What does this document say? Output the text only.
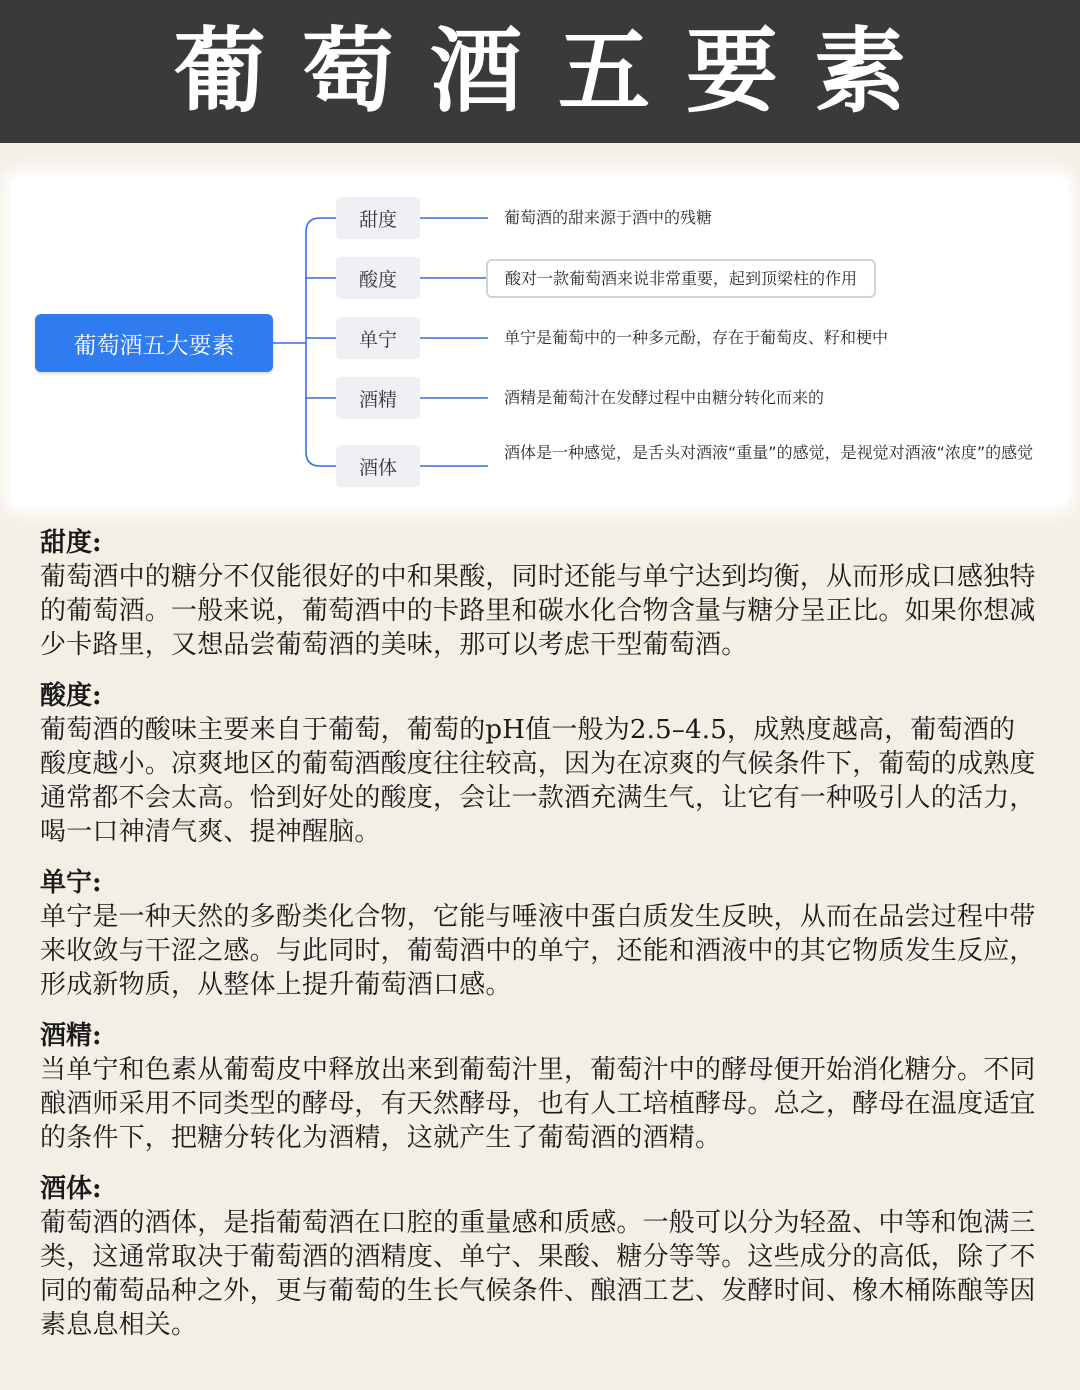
葡萄酒五要素
葡萄酒五大要素
甜度
酸度
单宁
酒精
酒体
葡萄酒的甜来源于酒中的残糖
酸对一款葡萄酒来说非常重要，起到顶梁柱的作用
单宁是葡萄中的一种多元酚，存在于葡萄皮、籽和梗中
酒精是葡萄汁在发酵过程中由糖分转化而来的
酒体是一种感觉，是舌头对酒液“重量”的感觉，是视觉对酒液“浓度”的感觉
甜度:
葡萄酒中的糖分不仅能很好的中和果酸，同时还能与单宁达到均衡，从而形成口感独特的葡萄酒。一般来说，葡萄酒中的卡路里和碳水化合物含量与糖分呈正比。如果你想减少卡路里，又想品尝葡萄酒的美味，那可以考虑干型葡萄酒。
酸度:
葡萄酒的酸味主要来自于葡萄，葡萄的pH值一般为2.5–4.5，成熟度越高，葡萄酒的酸度越小。凉爽地区的葡萄酒酸度往往较高，因为在凉爽的气候条件下，葡萄的成熟度通常都不会太高。恰到好处的酸度，会让一款酒充满生气，让它有一种吸引人的活力，喝一口神清气爽、提神醒脑。
单宁:
单宁是一种天然的多酚类化合物，它能与唾液中蛋白质发生反映，从而在品尝过程中带来收敛与干涩之感。与此同时，葡萄酒中的单宁，还能和酒液中的其它物质发生反应，形成新物质，从整体上提升葡萄酒口感。
酒精:
当单宁和色素从葡萄皮中释放出来到葡萄汁里，葡萄汁中的酵母便开始消化糖分。不同酿酒师采用不同类型的酵母，有天然酵母，也有人工培植酵母。总之，酵母在温度适宜的条件下，把糖分转化为酒精，这就产生了葡萄酒的酒精。
酒体:
葡萄酒的酒体，是指葡萄酒在口腔的重量感和质感。一般可以分为轻盈、中等和饱满三类，这通常取决于葡萄酒的酒精度、单宁、果酸、糖分等等。这些成分的高低，除了不同的葡萄品种之外，更与葡萄的生长气候条件、酿酒工艺、发酵时间、橡木桶陈酿等因素息息相关。
